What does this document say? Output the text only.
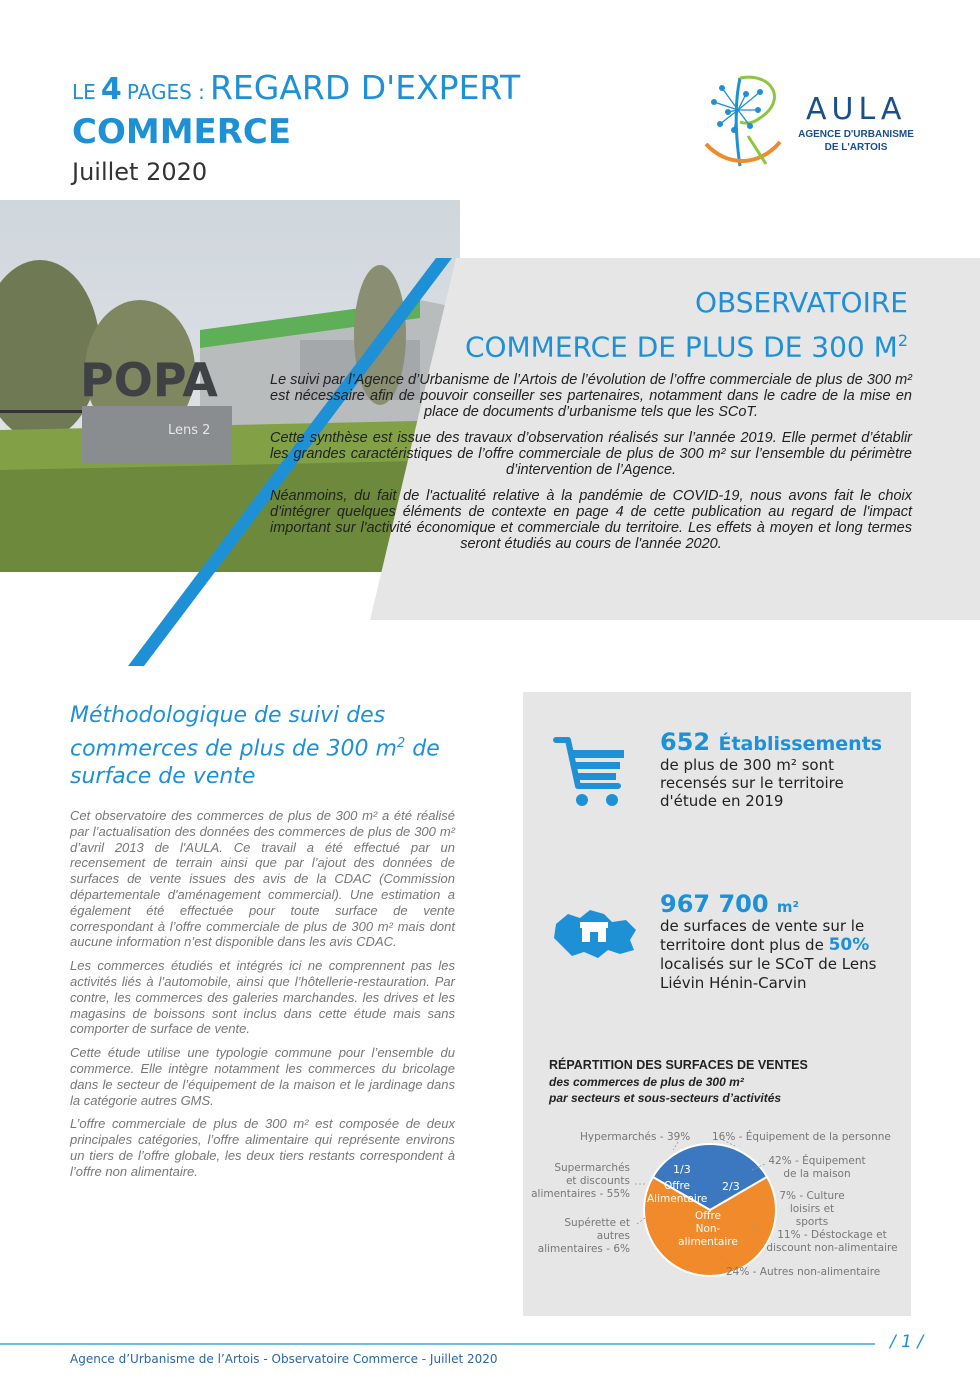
LE 4 PAGES : REGARD D'EXPERT
COMMERCE
Juillet 2020
AULA
AGENCE D'URBANISME
DE L'ARTOIS
POPA
Lens 2
OBSERVATOIRE
COMMERCE DE PLUS DE 300 $M^2$

Le suivi par l’Agence d’Urbanisme de l’Artois de l’évolution de l’offre commerciale de plus de 300 m² est nécessaire afin de pouvoir conseiller ses partenaires, notamment dans le cadre de la mise en place de documents d’urbanisme tels que les SCoT.

Cette synthèse est issue des travaux d’observation réalisés sur l’année 2019. Elle permet d’établir les grandes caractéristiques de l’offre commerciale de plus de 300 m² sur l’ensemble du périmètre d’intervention de l’Agence.

Néanmoins, du fait de l'actualité relative à la pandémie de COVID-19, nous avons fait le choix d'intégrer quelques éléments de contexte en page 4 de cette publication au regard de l'impact important sur l'activité économique et commerciale du territoire. Les effets à moyen et long termes seront étudiés au cours de l'année 2020.

Méthodologique de suivi des commerces de plus de 300 $m^2$ de surface de vente

Cet observatoire des commerces de plus de 300 m² a été réalisé par l’actualisation des données des commerces de plus de 300 m² d’avril 2013 de l'AULA. Ce travail a été effectué par un recensement de terrain ainsi que par l’ajout des données de surfaces de vente issues des avis de la CDAC (Commission départementale d'aménagement commercial). Une estimation a également été effectuée pour toute surface de vente correspondant à l’offre commerciale de plus de 300 m² mais dont aucune information n’est disponible dans les avis CDAC.

Les commerces étudiés et intégrés ici ne comprennent pas les activités liés à l’automobile, ainsi que l’hôtellerie-restauration. Par contre, les commerces des galeries marchandes. les drives et les magasins de boissons sont inclus dans cette étude mais sans comporter de surface de vente.

Cette étude utilise une typologie commune pour l’ensemble du commerce. Elle intègre notamment les commerces du bricolage dans le secteur de l’équipement de la maison et le jardinage dans la catégorie autres GMS.

L’offre commerciale de plus de 300 m² est composée de deux principales catégories, l’offre alimentaire qui représente environs un tiers de l’offre globale, les deux tiers restants correspondent à l’offre non alimentaire.

652 Établissements
de plus de 300 m² sont recensés sur le territoire d'étude en 2019
967 700 m²
de surfaces de vente sur le territoire dont plus de 50% localisés sur le SCoT de Lens Liévin Hénin-Carvin
RÉPARTITION DES SURFACES DE VENTES
des commerces de plus de 300 m²
par secteurs et sous-secteurs d’activités
1/3
Offre
Alimentaire
2/3
Offre
Non-alimentaire
Hypermarchés - 39%
Supermarchés
et discounts
alimentaires - 55%
Supérette et autres
alimentaires - 6%
16% - Équipement de la personne
42% - Équipement
de la maison
7% - Culture
loisirs et sports
11% - Déstockage et
discount non-alimentaire
24% - Autres non-alimentaire
/ 1 /
Agence d’Urbanisme de l’Artois - Observatoire Commerce - Juillet 2020
